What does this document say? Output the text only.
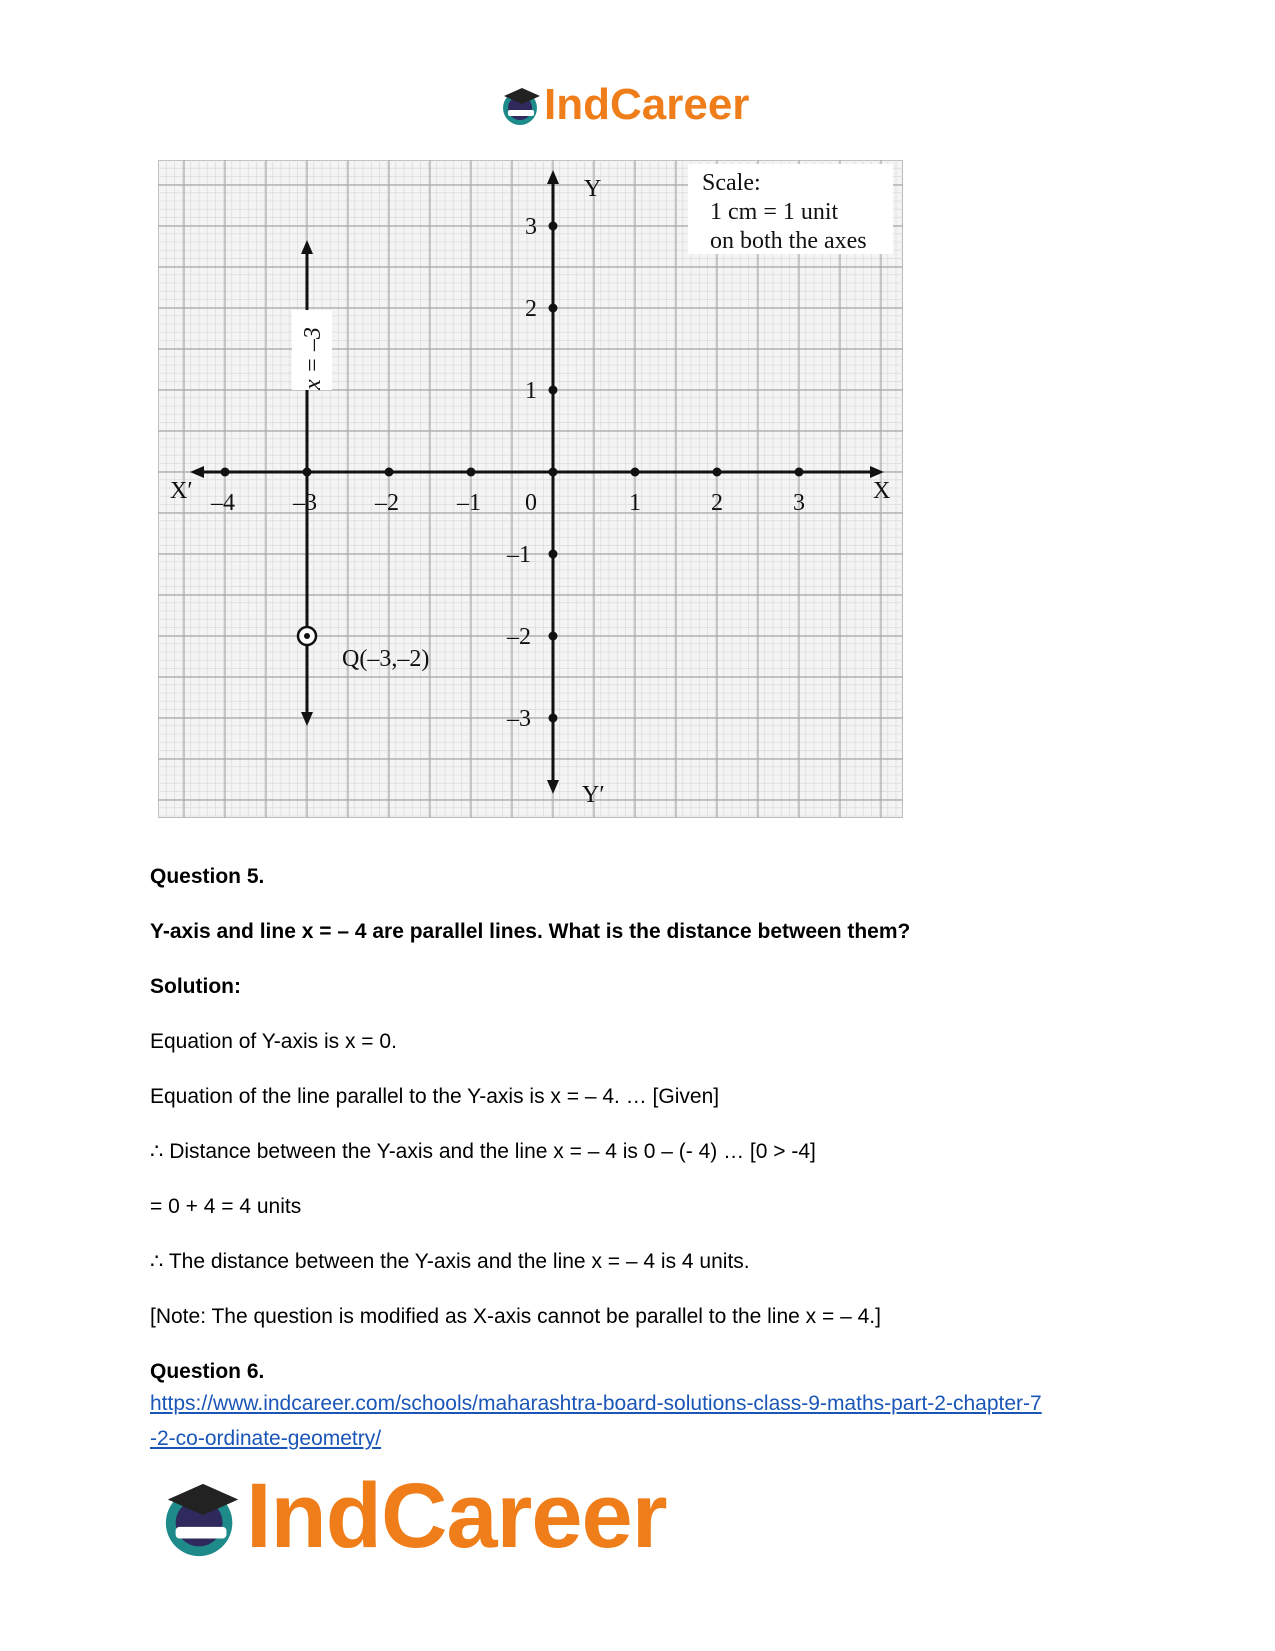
IndCareer
–4 –3 –2 –1 0	1	2	3
1
2
3
–1
–2
–3
Scale:
1 cm = 1 unit
on both the axes
X
X′
Y
Y′
x = –3
Q(–3,–2)
Question 5.
Y-axis and line x = – 4 are parallel lines. What is the distance between them?
Solution:
Equation of Y-axis is x = 0.
Equation of the line parallel to the Y-axis is x = – 4. … [Given]
∴ Distance between the Y-axis and the line x = – 4 is 0 – (- 4) … [0 > -4]
= 0 + 4 = 4 units
∴ The distance between the Y-axis and the line x = – 4 is 4 units.
[Note: The question is modified as X-axis cannot be parallel to the line x = – 4.]
Question 6.
https://www.indcareer.com/schools/maharashtra-board-solutions-class-9-maths-part-2-chapter-7
-2-co-ordinate-geometry/
IndCareer
